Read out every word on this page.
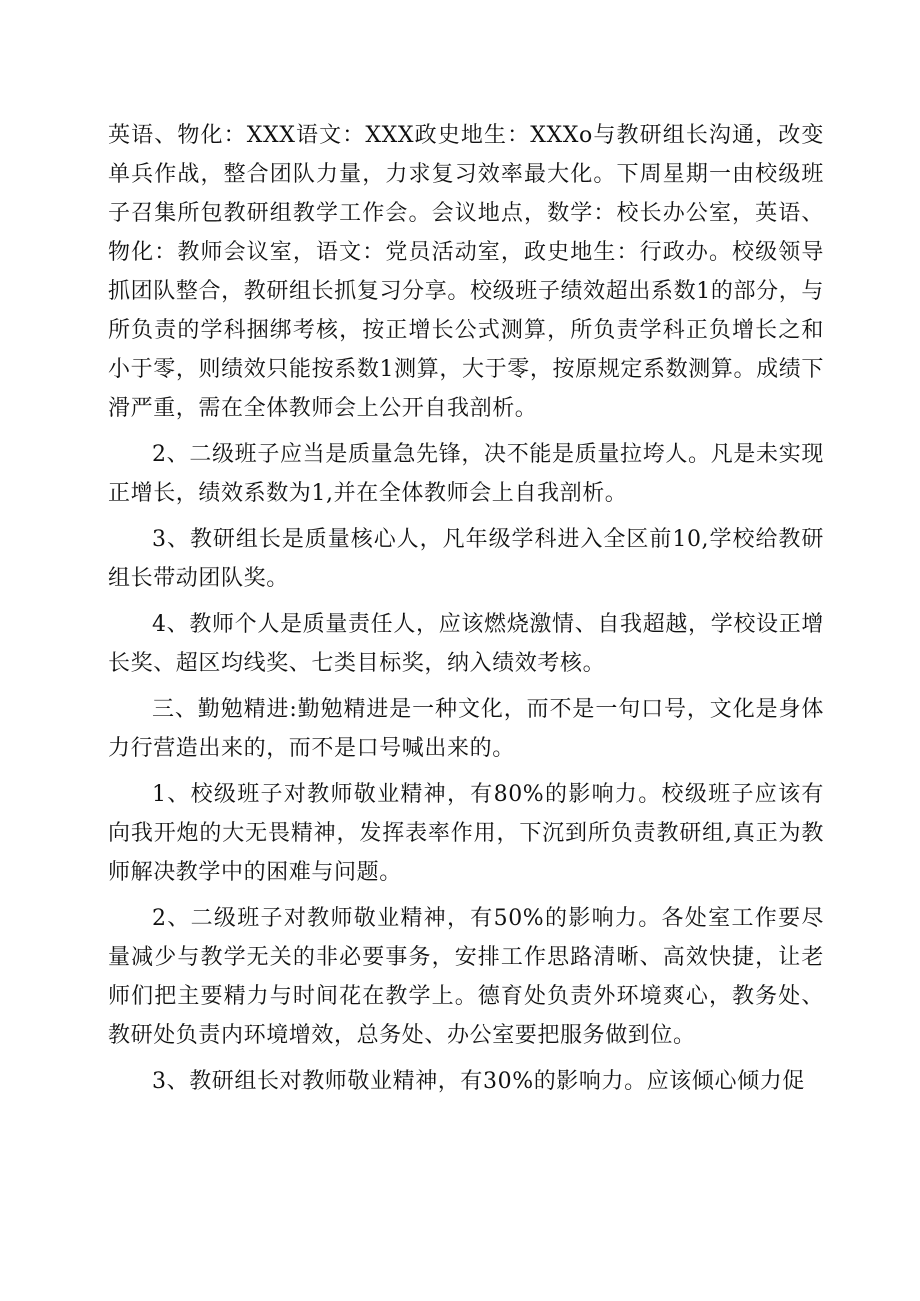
英语、物化：XXX语文：XXX政史地生：XXXo与教研组长沟通，改变单兵作战，整合团队力量，力求复习效率最大化。下周星期一由校级班子召集所包教研组教学工作会。会议地点，数学：校长办公室，英语、物化：教师会议室，语文：党员活动室，政史地生：行政办。校级领导抓团队整合，教研组长抓复习分享。校级班子绩效超出系数1的部分，与所负责的学科捆绑考核，按正增长公式测算，所负责学科正负增长之和小于零，则绩效只能按系数1测算，大于零，按原规定系数测算。成绩下滑严重，需在全体教师会上公开自我剖析。

2、二级班子应当是质量急先锋，决不能是质量拉垮人。凡是未实现正增长，绩效系数为1,并在全体教师会上自我剖析。

3、教研组长是质量核心人，凡年级学科进入全区前10,学校给教研组长带动团队奖。

4、教师个人是质量责任人，应该燃烧激情、自我超越，学校设正增长奖、超区均线奖、七类目标奖，纳入绩效考核。

三、勤勉精进:勤勉精进是一种文化，而不是一句口号，文化是身体力行营造出来的，而不是口号喊出来的。

1、校级班子对教师敬业精神，有80%的影响力。校级班子应该有向我开炮的大无畏精神，发挥表率作用，下沉到所负责教研组,真正为教师解决教学中的困难与问题。

2、二级班子对教师敬业精神，有50%的影响力。各处室工作要尽量减少与教学无关的非必要事务，安排工作思路清晰、高效快捷，让老师们把主要精力与时间花在教学上。德育处负责外环境爽心，教务处、教研处负责内环境增效，总务处、办公室要把服务做到位。

3、教研组长对教师敬业精神，有30%的影响力。应该倾心倾力促
